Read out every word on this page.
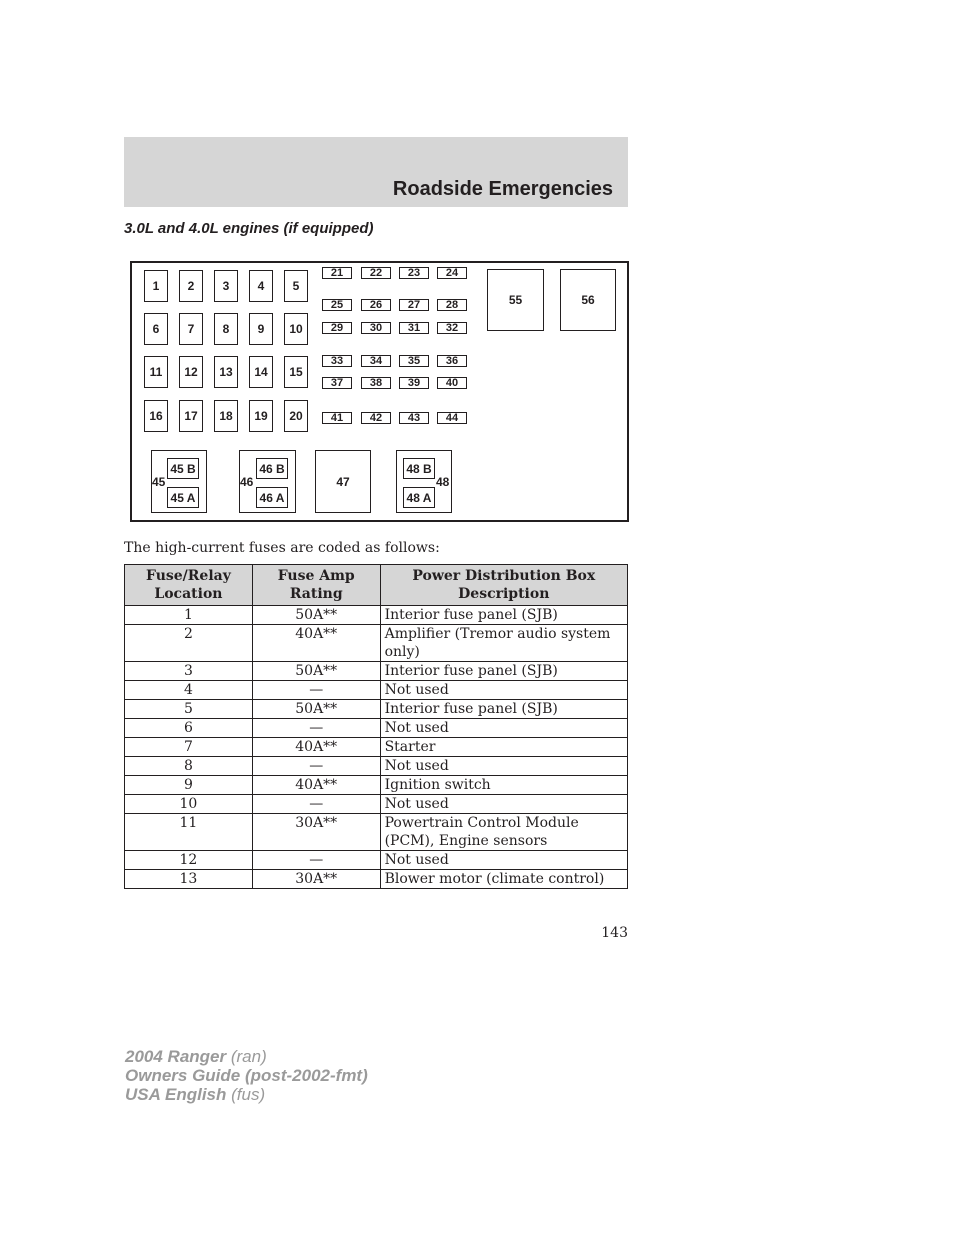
Roadside Emergencies
3.0L and 4.0L engines (if equipped)
1	2	3	4	5
6	7	8	9	10
11	12	13	14	15
16	17	18	19	20
21	22	23	24
25	26	27	28
29	30	31	32
33	34	35	36
37	38	39	40
41	42	43	44
55	56
45
45 B
45 A
46
46 B
46 A
47	48
48 B
48 A

The high-current fuses are coded as follows:

Fuse/Relay Location	Fuse Amp Rating	Power Distribution Box Description
1	50A**	Interior fuse panel (SJB)
2	40A**	Amplifier (Tremor audio system only)
3	50A**	Interior fuse panel (SJB)
4	—	Not used
5	50A**	Interior fuse panel (SJB)
6	—	Not used
7	40A**	Starter
8	—	Not used
9	40A**	Ignition switch
10	—	Not used
11	30A**	Powertrain Control Module (PCM), Engine sensors
12	—	Not used
13	30A**	Blower motor (climate control)

143

2004 Ranger (ran)
Owners Guide (post-2002-fmt)
USA English (fus)
